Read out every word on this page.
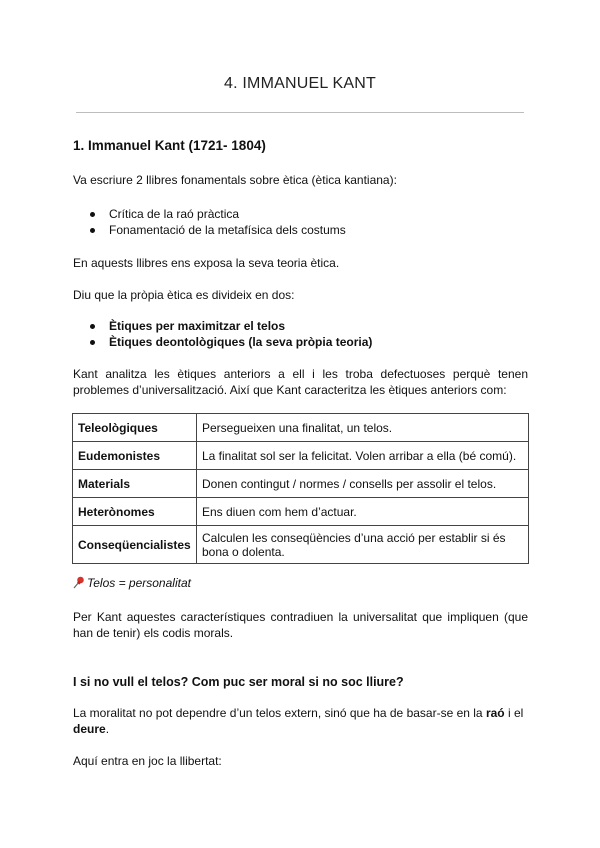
4. IMMANUEL KANT
1. Immanuel Kant (1721- 1804)
Va escriure 2 llibres fonamentals sobre ètica (ètica kantiana):
Crítica de la raó pràctica
Fonamentació de la metafísica dels costums
En aquests llibres ens exposa la seva teoria ètica.
Diu que la pròpia ètica es divideix en dos:
Ètiques per maximitzar el telos
Ètiques deontològiques (la seva pròpia teoria)
Kant analitza les ètiques anteriors a ell i les troba defectuoses perquè tenen problemes d’universalització. Així que Kant caracteritza les ètiques anteriors com:
Teleològiques	Persegueixen una finalitat, un telos.
Eudemonistes	La finalitat sol ser la felicitat. Volen arribar a ella (bé comú).
Materials	Donen contingut / normes / consells per assolir el telos.
Heterònomes	Ens diuen com hem d’actuar.
Conseqüencialistes	Calculen les conseqüències d’una acció per establir si és bona o dolenta.
Telos = personalitat
Per Kant aquestes característiques contradiuen la universalitat que impliquen (que han de tenir) els codis morals.
I si no vull el telos? Com puc ser moral si no soc lliure?
La moralitat no pot dependre d’un telos extern, sinó que ha de basar-se en la raó i el deure.
Aquí entra en joc la llibertat:
